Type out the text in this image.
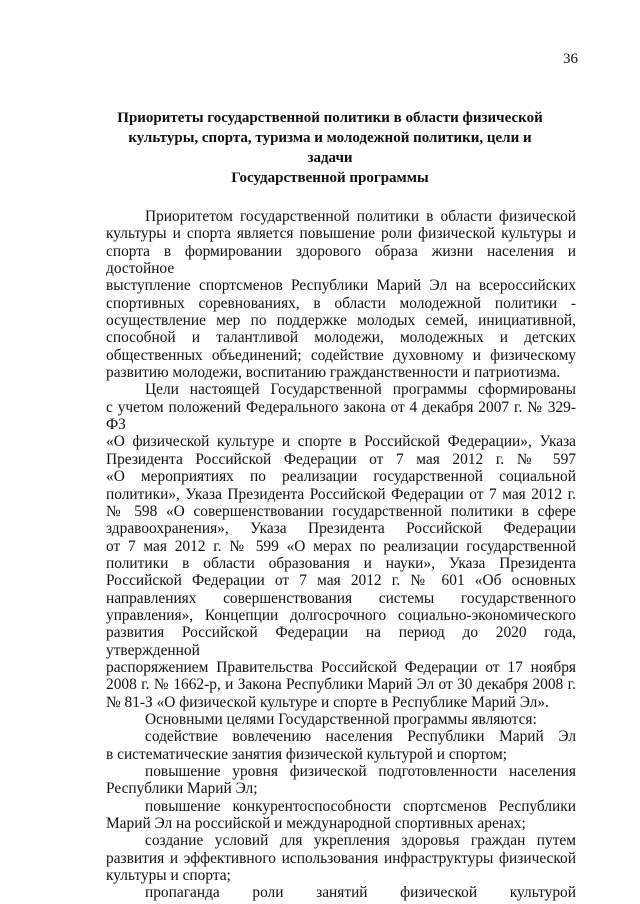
36
Приоритеты государственной политики в области физической
культуры, спорта, туризма и молодежной политики, цели и задачи
Государственной программы
Приоритетом государственной политики в области физической
культуры и спорта является повышение роли физической культуры и
спорта в формировании здорового образа жизни населения и достойное
выступление спортсменов Республики Марий Эл на всероссийских
спортивных соревнованиях, в области молодежной политики -
осуществление мер по поддержке молодых семей, инициативной,
способной и талантливой молодежи, молодежных и детских
общественных объединений; содействие духовному и физическому
развитию молодежи, воспитанию гражданственности и патриотизма.
Цели настоящей Государственной программы сформированы
с учетом положений Федерального закона от 4 декабря 2007 г. № 329-ФЗ
«О физической культуре и спорте в Российской Федерации», Указа
Президента Российской Федерации от 7 мая 2012 г. № 597
«О мероприятиях по реализации государственной социальной
политики», Указа Президента Российской Федерации от 7 мая 2012 г.
№ 598 «О совершенствовании государственной политики в сфере
здравоохранения», Указа Президента Российской Федерации
от 7 мая 2012 г. № 599 «О мерах по реализации государственной
политики в области образования и науки», Указа Президента
Российской Федерации от 7 мая 2012 г. № 601 «Об основных
направлениях совершенствования системы государственного
управления», Концепции долгосрочного социально-экономического
развития Российской Федерации на период до 2020 года, утвержденной
распоряжением Правительства Российской Федерации от 17 ноября
2008 г. № 1662-р, и Закона Республики Марий Эл от 30 декабря 2008 г.
№ 81-З «О физической культуре и спорте в Республике Марий Эл».
Основными целями Государственной программы являются:
содействие вовлечению населения Республики Марий Эл
в систематические занятия физической культурой и спортом;
повышение уровня физической подготовленности населения
Республики Марий Эл;
повышение конкурентоспособности спортсменов Республики
Марий Эл на российской и международной спортивных аренах;
создание условий для укрепления здоровья граждан путем
развития и эффективного использования инфраструктуры физической
культуры и спорта;
пропаганда роли занятий физической культурой
